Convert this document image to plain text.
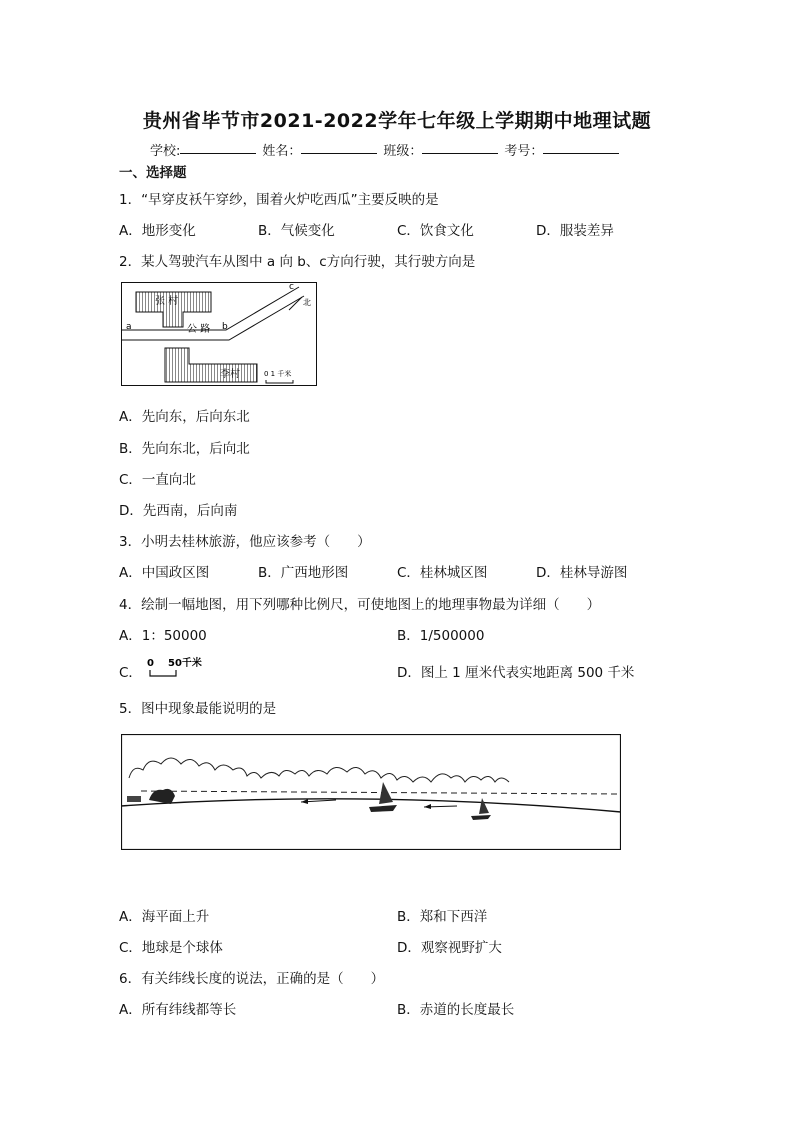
贵州省毕节市2021-2022学年七年级上学期期中地理试题
学校:	姓名：	班级：	考号：
一、选择题
1．“早穿皮袄午穿纱，围着火炉吃西瓜”主要反映的是
A．地形变化	B．气候变化	C．饮食文化	D．服装差异
2．某人驾驶汽车从图中 a 向 b、c方向行驶，其行驶方向是
张 村
a	b
c
公 路
北
李村	0 1 千米
A．先向东，后向东北
B．先向东北，后向北
C．一直向北
D．先西南，后向南
3．小明去桂林旅游，他应该参考（　　）
A．中国政区图	B．广西地形图	C．桂林城区图	D．桂林导游图
4．绘制一幅地图，用下列哪种比例尺，可使地图上的地理事物最为详细（　　）
A．1：50000	B．1/500000
C．
0 50千米
D．图上 1 厘米代表实地距离 500 千米
5．图中现象最能说明的是
A．海平面上升	B．郑和下西洋
C．地球是个球体	D．观察视野扩大
6．有关纬线长度的说法，正确的是（　　）
A．所有纬线都等长	B．赤道的长度最长
